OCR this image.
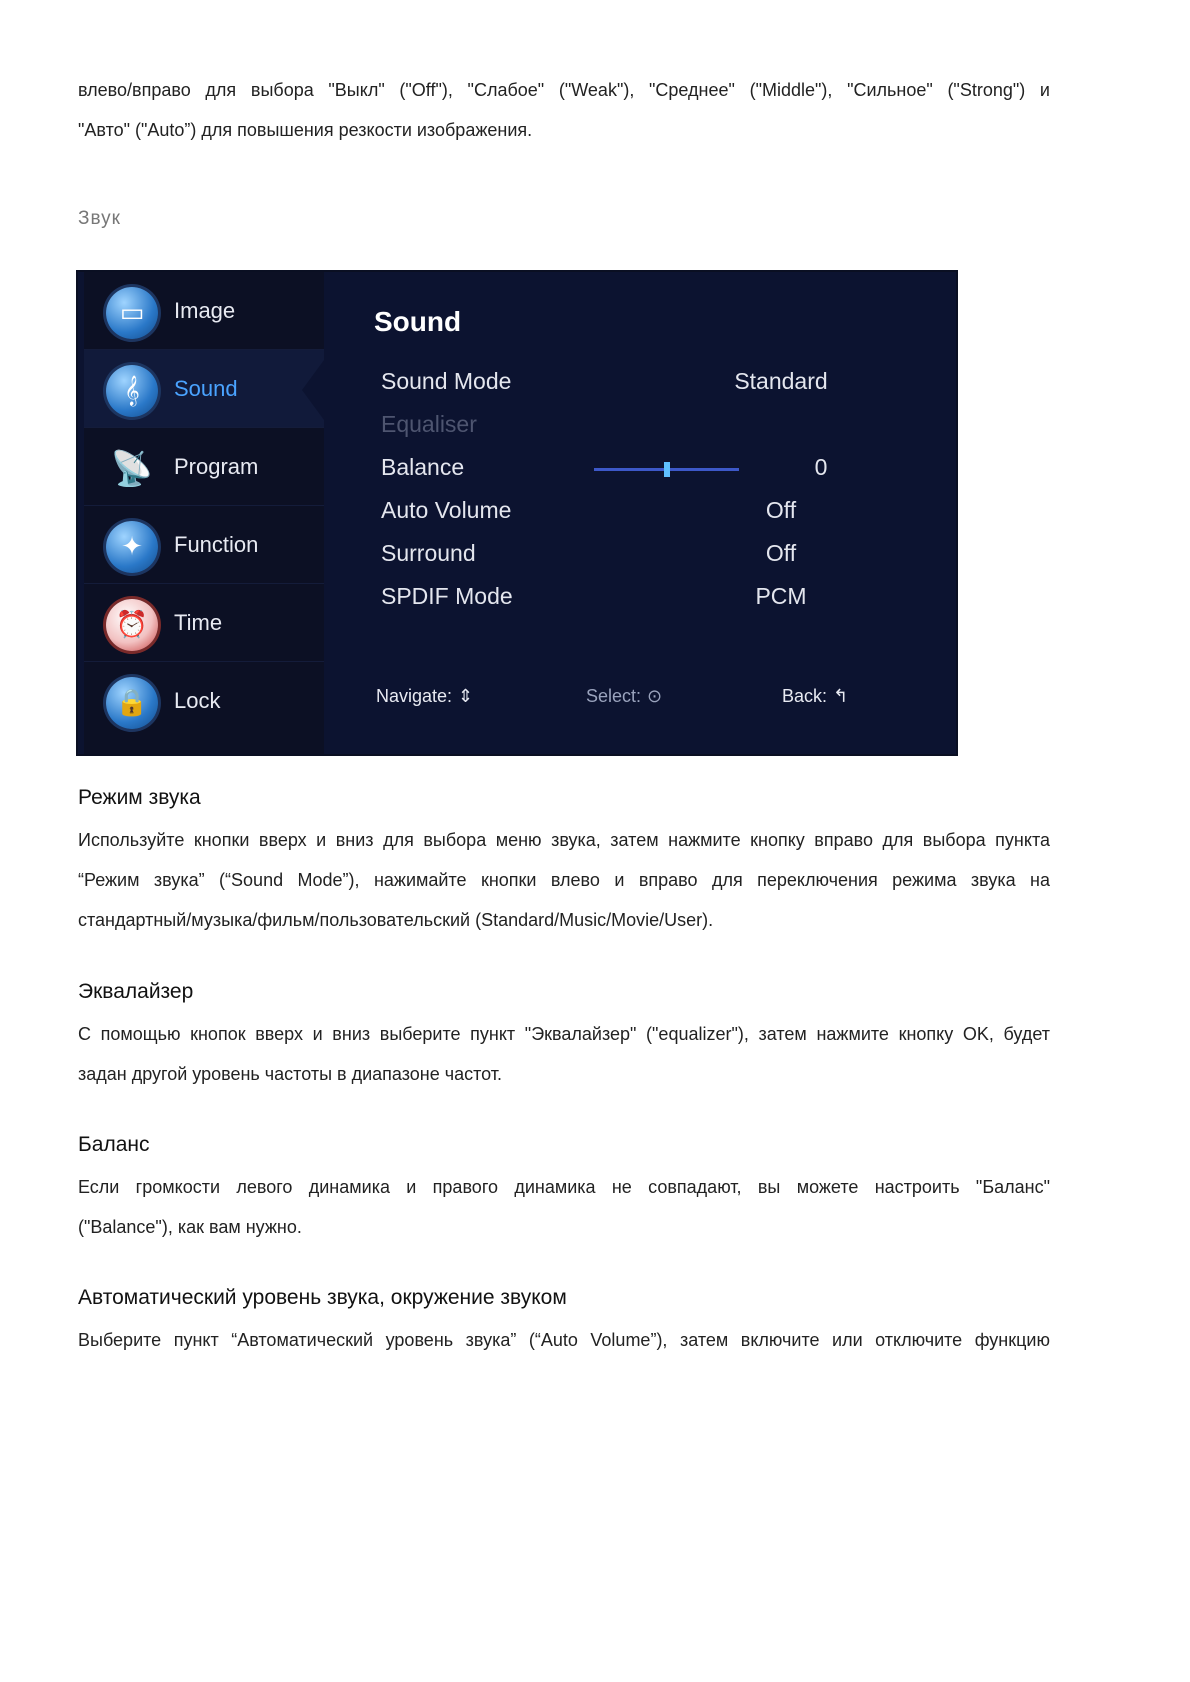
влево/вправо для выбора "Выкл" ("Off"), "Слабое" ("Weak"), "Среднее" ("Middle"), "Сильное" ("Strong") и
"Авто" ("Auto”) для повышения резкости изображения.
Звук
▭	Image
𝄞	Sound
📡 Program
✦	Function
⏰	Time
🔒	Lock
Sound
Sound Mode	Standard
Equaliser
Balance	0
Auto Volume	Off
Surround	Off
SPDIF Mode	PCM
Navigate: ⇕	Select: ⊙	Back: ↰
Режим звука
Используйте кнопки вверх и вниз для выбора меню звука, затем нажмите кнопку вправо для выбора пункта
“Режим звука” (“Sound Mode”), нажимайте кнопки влево и вправо для переключения режима звука на
стандартный/музыка/фильм/пользовательский (Standard/Music/Movie/User).
Эквалайзер
С помощью кнопок вверх и вниз выберите пункт "Эквалайзер" ("equalizer"), затем нажмите кнопку OK, будет
задан другой уровень частоты в диапазоне частот.
Баланс
Если громкости левого динамика и правого динамика не совпадают, вы можете настроить "Баланс"
("Balance"), как вам нужно.
Автоматический уровень звука, окружение звуком
Выберите пункт “Автоматический уровень звука” (“Auto Volume”), затем включите или отключите функцию
